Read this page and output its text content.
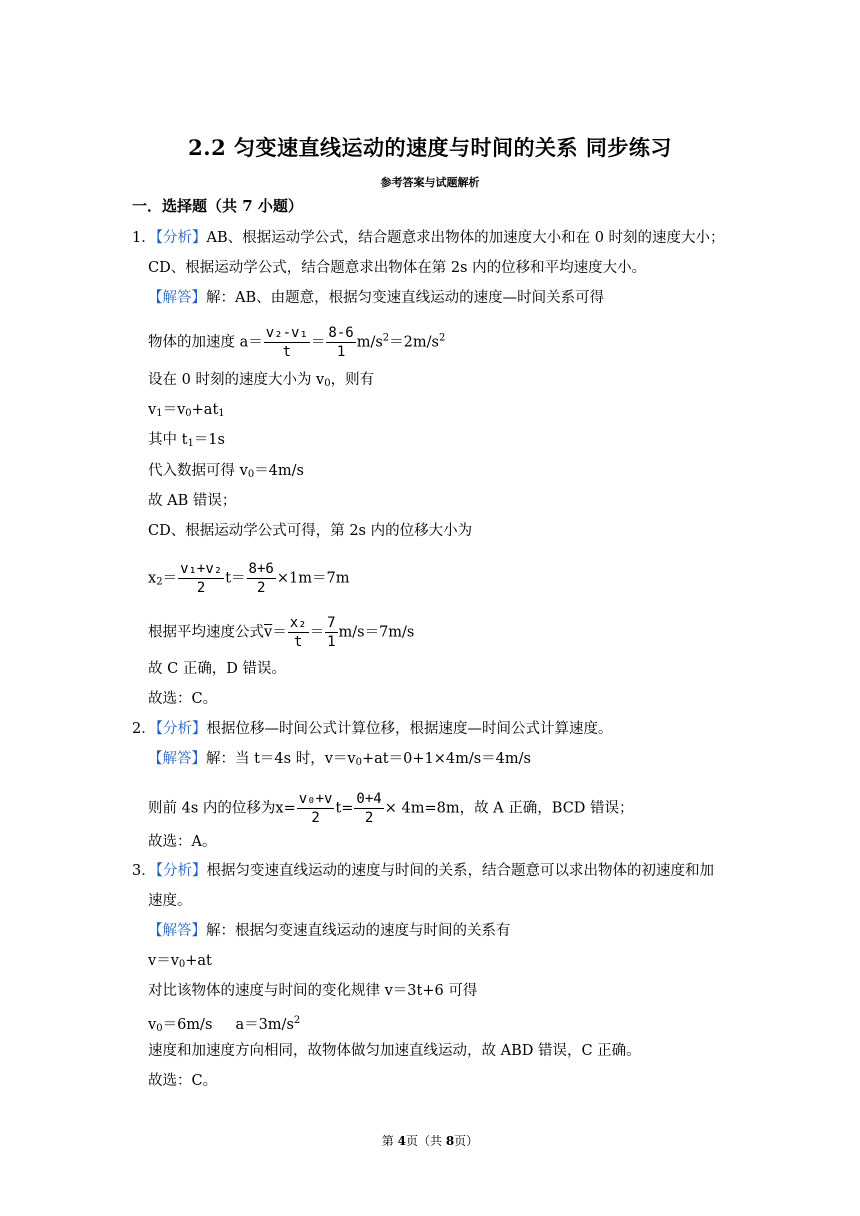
2.2 匀变速直线运动的速度与时间的关系 同步练习
参考答案与试题解析
一．选择题（共 7 小题）
1．【分析】AB、根据运动学公式，结合题意求出物体的加速度大小和在 0 时刻的速度大小；
CD、根据运动学公式，结合题意求出物体在第 2s 内的位移和平均速度大小。
【解答】解：AB、由题意，根据匀变速直线运动的速度—时间关系可得
物体的加速度 $a= \frac{\text{v₂-v₁}}{t} = \frac{8-6}{1} m/s^2=2m/s^2$
设在 0 时刻的速度大小为 $v_0$，则有
$v_1=v_0+at_1$
其中 $t_1=1s$
代入数据可得 $v_0=4m/s$
故 AB 错误；
CD、根据运动学公式可得，第 2s 内的位移大小为
$x_2= \frac{\text{v₁+v₂}}{2} t= \frac{8+6}{2} \times 1m=7m$
根据平均速度公式$\overline{v}= \frac{\text{x₂}}{t} = \frac{7}{1} m/s=7m/s$
故 C 正确，D 错误。
故选：C。
2．【分析】根据位移—时间公式计算位移，根据速度—时间公式计算速度。
【解答】解：当 t＝4s 时，$v=v_0+at=0+1\times 4m/s=4m/s$
则前 4s 内的位移为$x= \frac{\text{v₀+v}}{2} t= \frac{0+4}{2} \times 4m=8m$，故 A 正确，BCD 错误；
故选：A。
3．【分析】根据匀变速直线运动的速度与时间的关系，结合题意可以求出物体的初速度和加
速度。
【解答】解：根据匀变速直线运动的速度与时间的关系有
$v=v_0+at$
对比该物体的速度与时间的变化规律 v＝3t+6 可得
$v_0=6m/s$ $a=3m/s^2$
速度和加速度方向相同，故物体做匀加速直线运动，故 ABD 错误，C 正确。
故选：C。
第 4页（共 8页）
